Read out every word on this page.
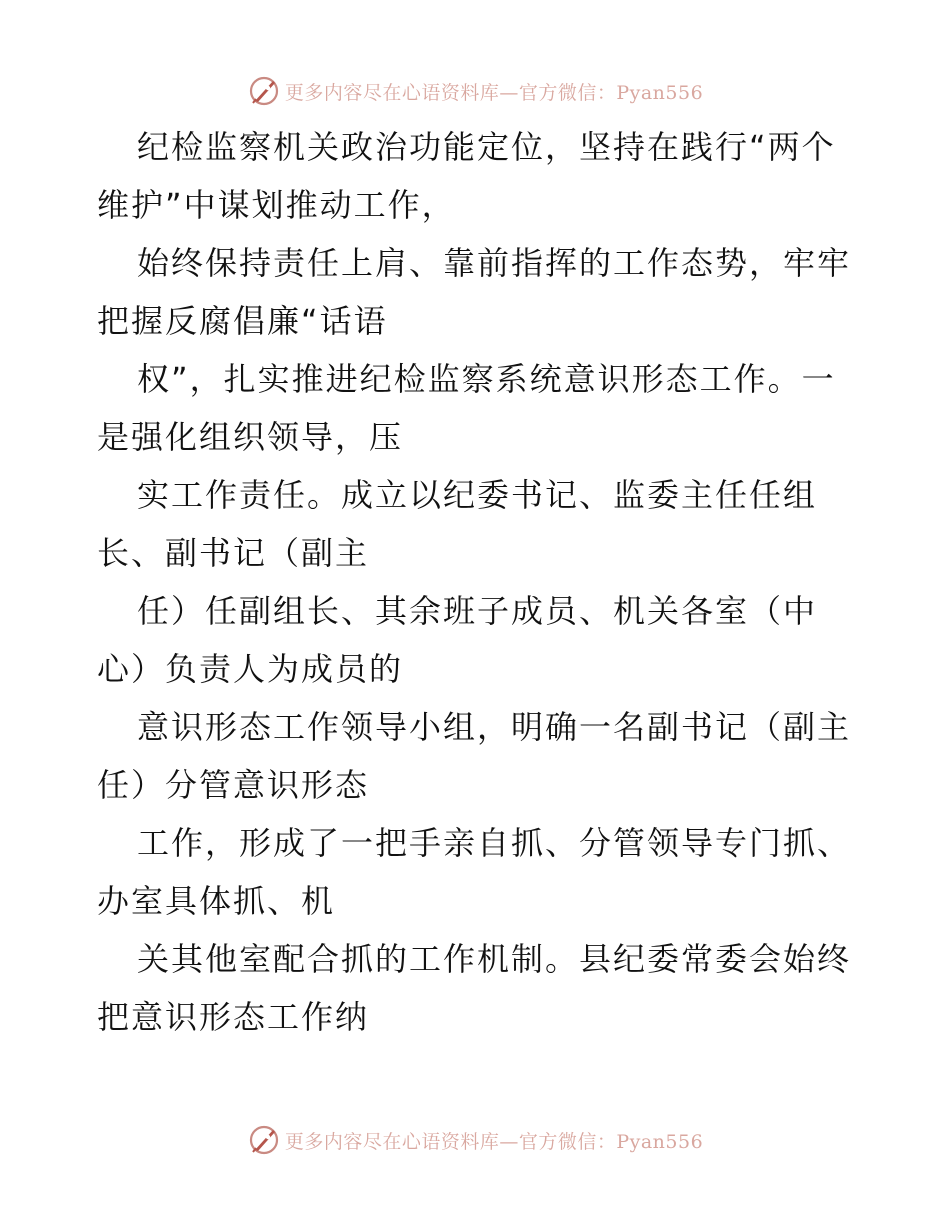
更多内容尽在心语资料库—官方微信：Pyan556
纪检监察机关政治功能定位，坚持在践行“两个
维护”中谋划推动工作，
始终保持责任上肩、靠前指挥的工作态势，牢牢
把握反腐倡廉“话语
权”，扎实推进纪检监察系统意识形态工作。一
是强化组织领导，压
实工作责任。成立以纪委书记、监委主任任组
长、副书记（副主
任）任副组长、其余班子成员、机关各室（中
心）负责人为成员的
意识形态工作领导小组，明确一名副书记（副主
任）分管意识形态
工作，形成了一把手亲自抓、分管领导专门抓、
办室具体抓、机
关其他室配合抓的工作机制。县纪委常委会始终
把意识形态工作纳
更多内容尽在心语资料库—官方微信：Pyan556
